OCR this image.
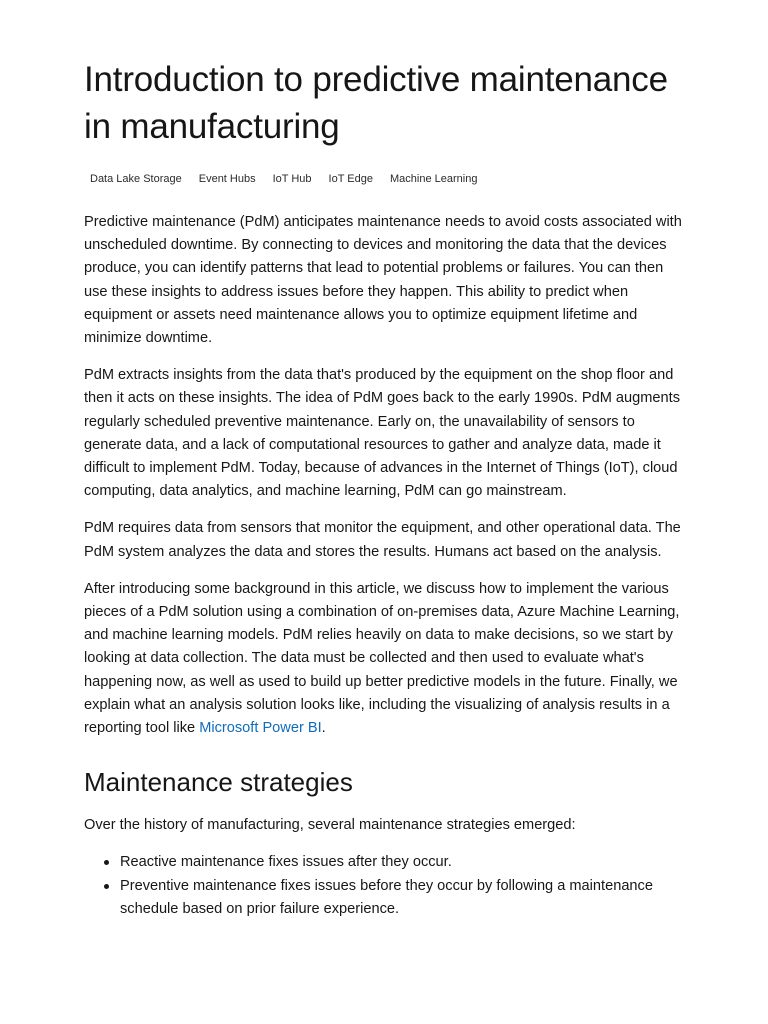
Introduction to predictive maintenance in manufacturing
Data Lake Storage	Event Hubs	IoT Hub	IoT Edge	Machine Learning

Predictive maintenance (PdM) anticipates maintenance needs to avoid costs associated with unscheduled downtime. By connecting to devices and monitoring the data that the devices produce, you can identify patterns that lead to potential problems or failures. You can then use these insights to address issues before they happen. This ability to predict when equipment or assets need maintenance allows you to optimize equipment lifetime and minimize downtime.

PdM extracts insights from the data that's produced by the equipment on the shop floor and then it acts on these insights. The idea of PdM goes back to the early 1990s. PdM augments regularly scheduled preventive maintenance. Early on, the unavailability of sensors to generate data, and a lack of computational resources to gather and analyze data, made it difficult to implement PdM. Today, because of advances in the Internet of Things (IoT), cloud computing, data analytics, and machine learning, PdM can go mainstream.

PdM requires data from sensors that monitor the equipment, and other operational data. The PdM system analyzes the data and stores the results. Humans act based on the analysis.

After introducing some background in this article, we discuss how to implement the various pieces of a PdM solution using a combination of on-premises data, Azure Machine Learning, and machine learning models. PdM relies heavily on data to make decisions, so we start by looking at data collection. The data must be collected and then used to evaluate what's happening now, as well as used to build up better predictive models in the future. Finally, we explain what an analysis solution looks like, including the visualizing of analysis results in a reporting tool like Microsoft Power BI.

Maintenance strategies

Over the history of manufacturing, several maintenance strategies emerged:

Reactive maintenance fixes issues after they occur.
Preventive maintenance fixes issues before they occur by following a maintenance schedule based on prior failure experience.
